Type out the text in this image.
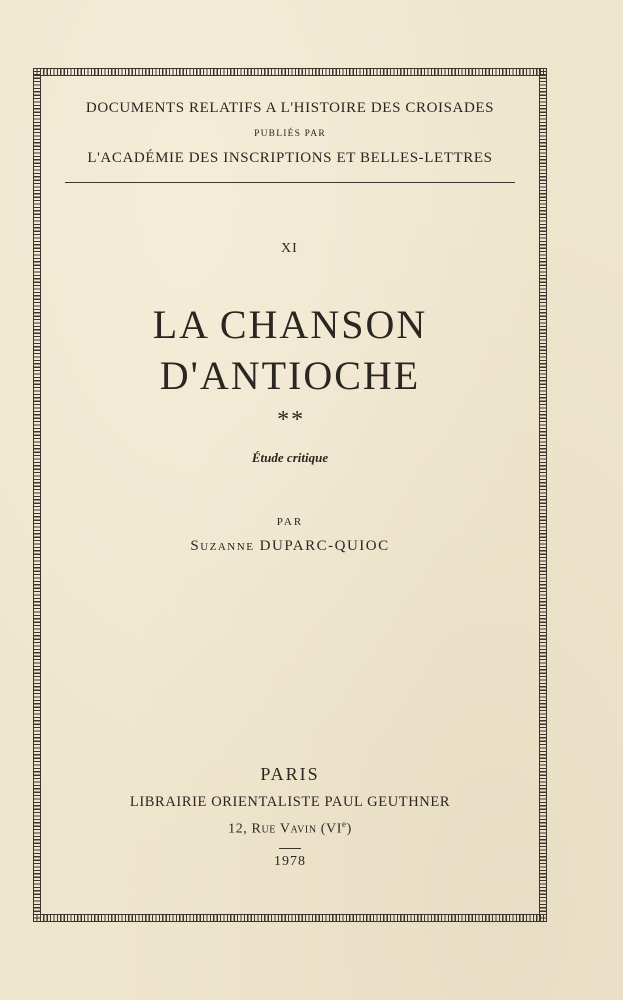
DOCUMENTS RELATIFS A L'HISTOIRE DES CROISADES
PUBLIÉS PAR
L'ACADÉMIE DES INSCRIPTIONS ET BELLES-LETTRES
XI
LA CHANSON
D'ANTIOCHE
**
Étude critique
PAR
Suzanne DUPARC-QUIOC
PARIS
LIBRAIRIE ORIENTALISTE PAUL GEUTHNER
12, Rue Vavin (VIe)
1978
